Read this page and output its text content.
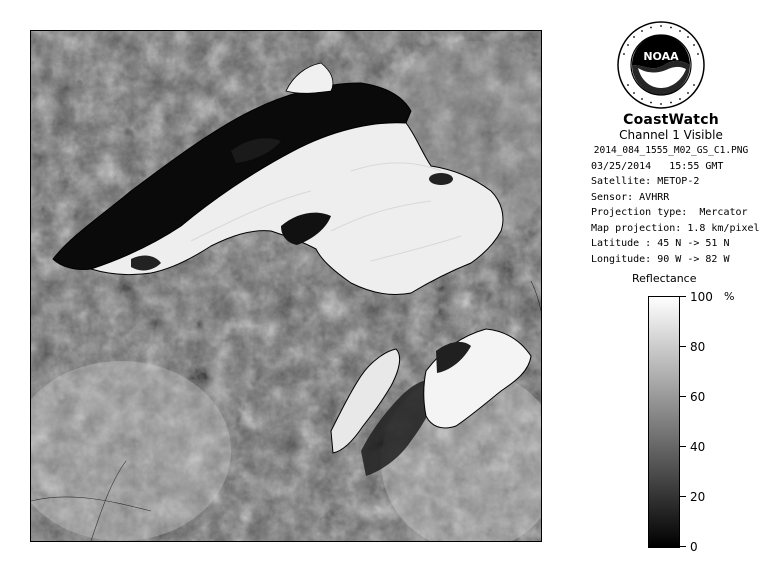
NOAA
CoastWatch
Channel 1 Visible
2014_084_1555_M02_GS_C1.PNG
03/25/2014   15:55 GMT
Satellite: METOP-2
Sensor: AVHRR
Projection type:  Mercator
Map projection: 1.8 km/pixel
Latitude : 45 N -> 51 N
Longitude: 90 W -> 82 W
Reflectance
%
100
80
60
40
20
0
